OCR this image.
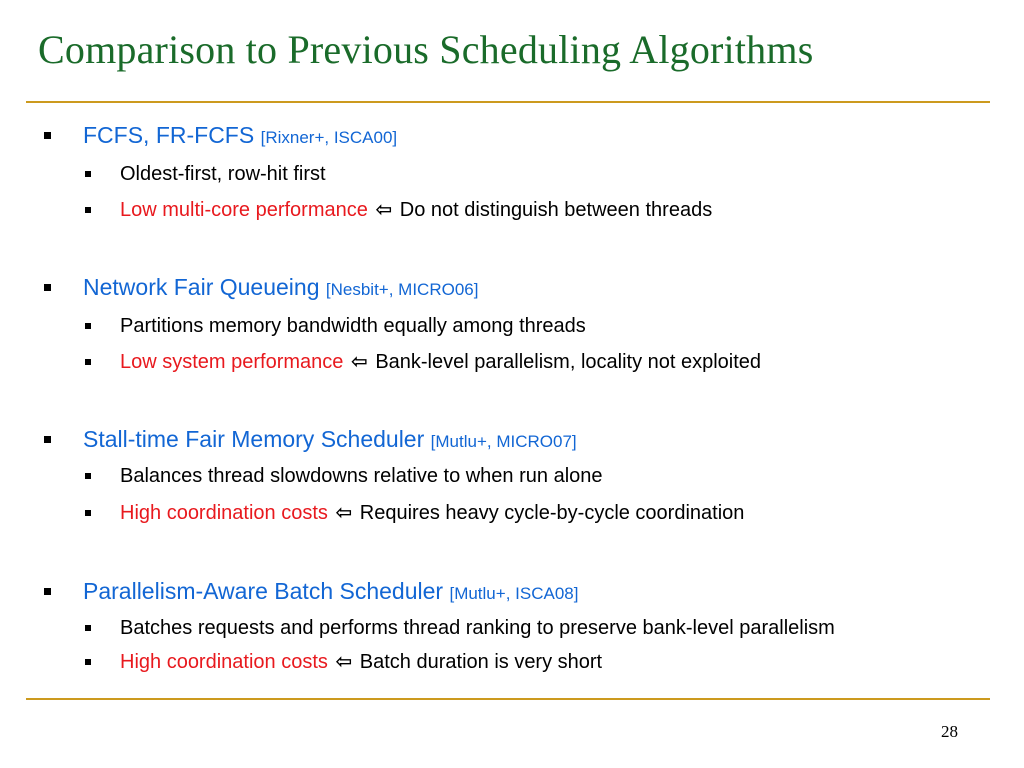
Comparison to Previous Scheduling Algorithms
FCFS, FR-FCFS [Rixner+, ISCA00]
Oldest-first, row-hit first
Low multi-core performance ⇦ Do not distinguish between threads
Network Fair Queueing [Nesbit+, MICRO06]
Partitions memory bandwidth equally among threads
Low system performance ⇦ Bank-level parallelism, locality not exploited
Stall-time Fair Memory Scheduler [Mutlu+, MICRO07]
Balances thread slowdowns relative to when run alone
High coordination costs ⇦ Requires heavy cycle-by-cycle coordination
Parallelism-Aware Batch Scheduler [Mutlu+, ISCA08]
Batches requests and performs thread ranking to preserve bank-level parallelism
High coordination costs ⇦ Batch duration is very short
28
